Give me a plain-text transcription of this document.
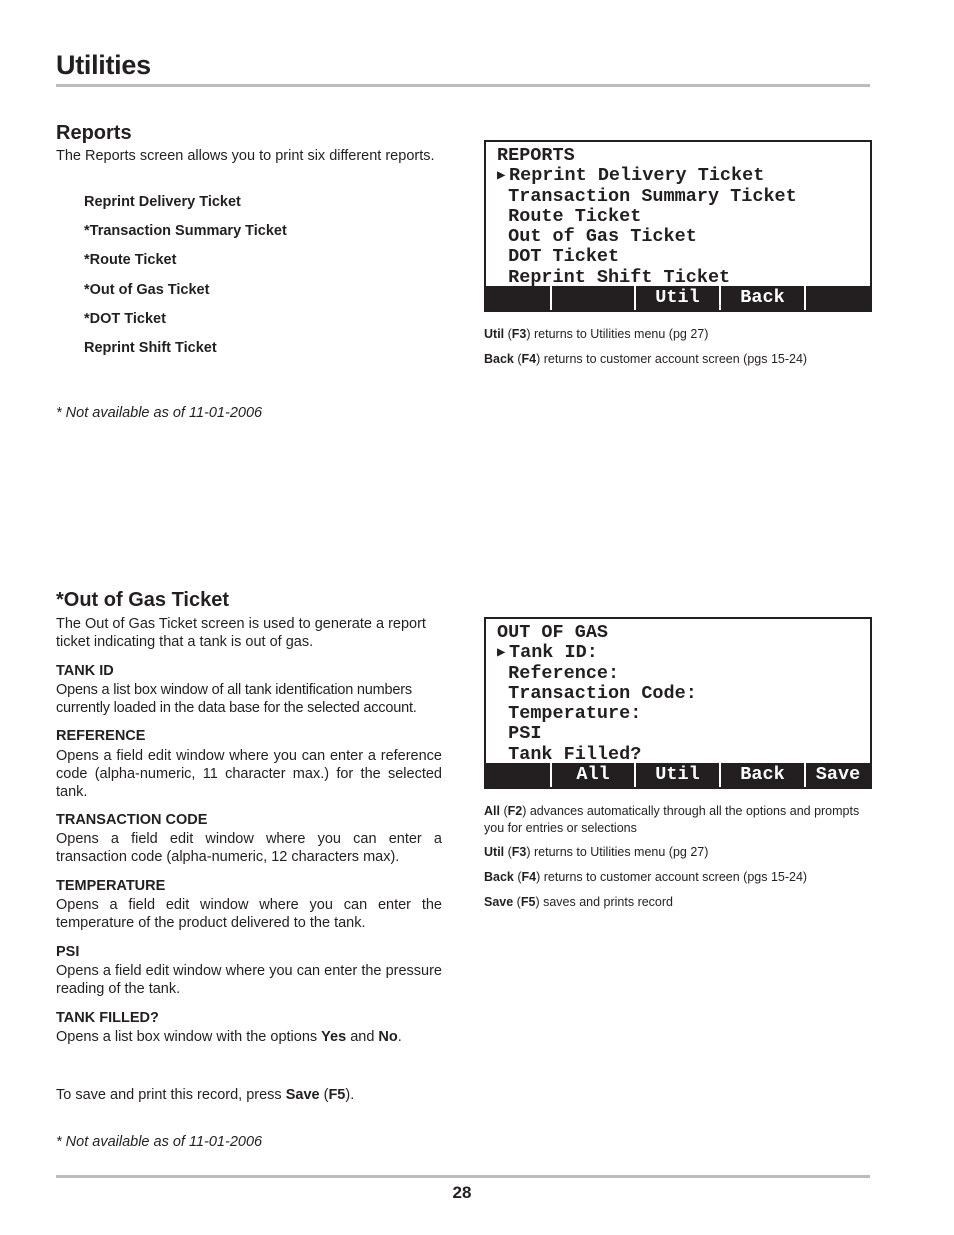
Utilities
Reports
The Reports screen allows you to print six different reports.
Reprint Delivery Ticket
*Transaction Summary Ticket
*Route Ticket
*Out of Gas Ticket
*DOT Ticket
Reprint Shift Ticket
* Not available as of 11-01-2006
REPORTS
▶ Reprint Delivery Ticket
Transaction Summary Ticket
Route Ticket
Out of Gas Ticket
DOT Ticket
Reprint Shift Ticket
Util	Back
Util (F3) returns to Utilities menu (pg 27)
Back (F4) returns to customer account screen (pgs 15-24)
*Out of Gas Ticket
The Out of Gas Ticket screen is used to generate a report ticket indicating that a tank is out of gas.
TANK ID
Opens a list box window of all tank identification numbers currently loaded in the data base for the selected account.
REFERENCE
Opens a field edit window where you can enter a reference code (alpha-numeric, 11 character max.) for the selected tank.
TRANSACTION CODE
Opens a field edit window where you can enter a transaction code (alpha-numeric, 12 characters max).
TEMPERATURE
Opens a field edit window where you can enter the temperature of the product delivered to the tank.
PSI
Opens a field edit window where you can enter the pressure reading of the tank.
TANK FILLED?
Opens a list box window with the options Yes and No.
To save and print this record, press Save (F5).
* Not available as of 11-01-2006
OUT OF GAS
▶ Tank ID:
Reference:
Transaction Code:
Temperature:
PSI
Tank Filled?
All	Util	Back	Save
All (F2) advances automatically through all the options and prompts you for entries or selections
Util (F3) returns to Utilities menu (pg 27)
Back (F4) returns to customer account screen (pgs 15-24)
Save (F5) saves and prints record
28
